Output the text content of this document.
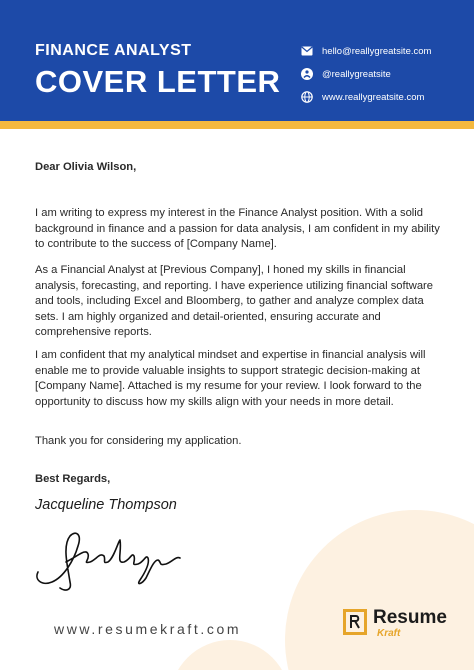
FINANCE ANALYST
COVER LETTER
hello@reallygreatsite.com
@reallygreatsite
www.reallygreatsite.com
Dear Olivia Wilson,
I am writing to express my interest in the Finance Analyst position. With a solid background in finance and a passion for data analysis, I am confident in my ability to contribute to the success of [Company Name].
As a Financial Analyst at [Previous Company], I honed my skills in financial analysis, forecasting, and reporting. I have experience utilizing financial software and tools, including Excel and Bloomberg, to gather and analyze complex data sets. I am highly organized and detail-oriented, ensuring accurate and comprehensive reports.
I am confident that my analytical mindset and expertise in financial analysis will enable me to provide valuable insights to support strategic decision-making at [Company Name]. Attached is my resume for your review. I look forward to the opportunity to discuss how my skills align with your needs in more detail.
Thank you for considering my application.
Best Regards,
Jacqueline Thompson
www.resumekraft.com
Resume
Kraft
